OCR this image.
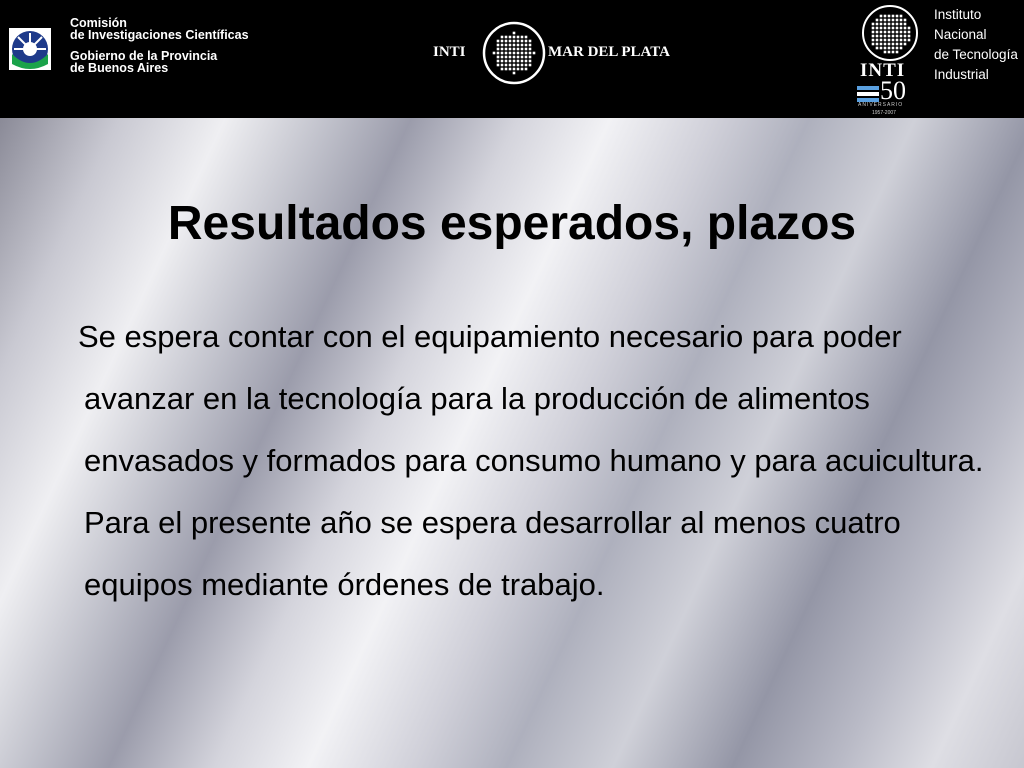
Comisión
de Investigaciones Científicas
Gobierno de la Provincia
de Buenos Aires
INTI	MAR DEL PLATA
INTI
50
ANIVERSARIO
1957-2007
Instituto
Nacional
de Tecnología
Industrial
Resultados esperados, plazos

Se espera contar con el equipamiento necesario para poder avanzar en la tecnología para la producción de alimentos envasados y formados para consumo humano y para acuicultura. Para el presente año se espera desarrollar al menos cuatro equipos mediante órdenes de trabajo.
